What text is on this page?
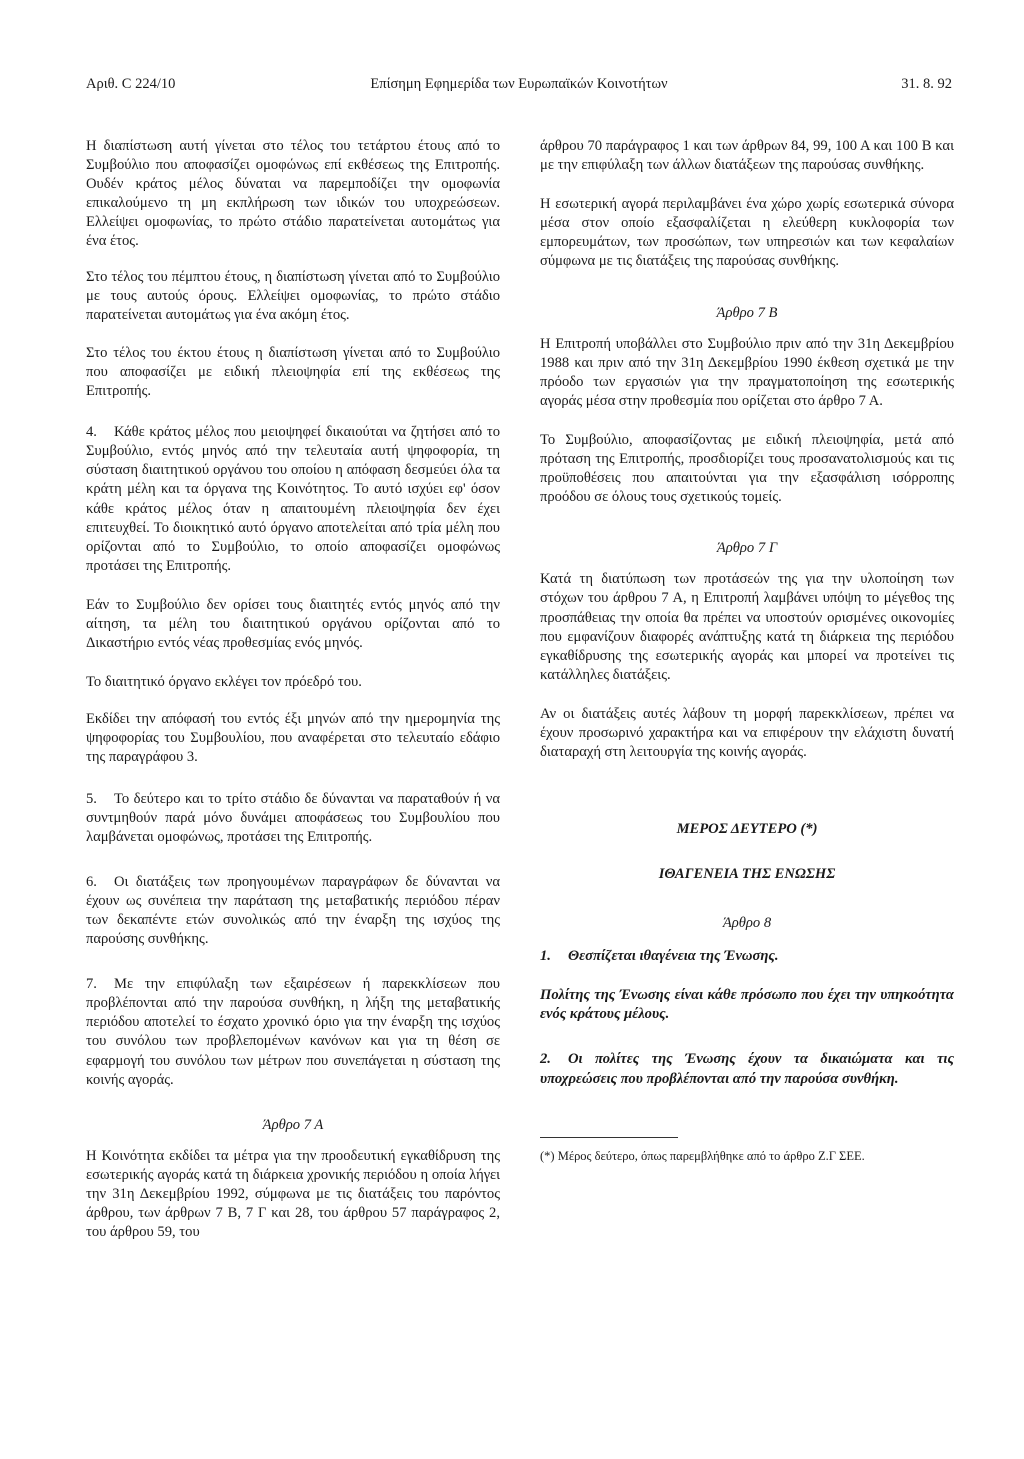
Αριθ. C 224/10	Επίσημη Εφημερίδα των Ευρωπαϊκών Κοινοτήτων	31. 8. 92

Η διαπίστωση αυτή γίνεται στο τέλος του τετάρτου έτους από το Συμβούλιο που αποφασίζει ομοφώνως επί εκθέσεως της Επιτροπής. Ουδέν κράτος μέλος δύναται να παρεμποδίζει την ομοφωνία επικαλούμενο τη μη εκπλήρωση των ιδικών του υποχρεώσεων. Ελλείψει ομοφωνίας, το πρώτο στάδιο παρατείνεται αυτομάτως για ένα έτος.

Στο τέλος του πέμπτου έτους, η διαπίστωση γίνεται από το Συμβούλιο με τους αυτούς όρους. Ελλείψει ομοφωνίας, το πρώτο στάδιο παρατείνεται αυτομάτως για ένα ακόμη έτος.

Στο τέλος του έκτου έτους η διαπίστωση γίνεται από το Συμβούλιο που αποφασίζει με ειδική πλειοψηφία επί της εκθέσεως της Επιτροπής.

4. Κάθε κράτος μέλος που μειοψηφεί δικαιούται να ζητήσει από το Συμβούλιο, εντός μηνός από την τελευταία αυτή ψηφοφορία, τη σύσταση διαιτητικού οργάνου του οποίου η απόφαση δεσμεύει όλα τα κράτη μέλη και τα όργανα της Κοινότητος. Το αυτό ισχύει εφ' όσον κάθε κράτος μέλος όταν η απαιτουμένη πλειοψηφία δεν έχει επιτευχθεί. Το διοικητικό αυτό όργανο αποτελείται από τρία μέλη που ορίζονται από το Συμβούλιο, το οποίο αποφασίζει ομοφώνως προτάσει της Επιτροπής.

Εάν το Συμβούλιο δεν ορίσει τους διαιτητές εντός μηνός από την αίτηση, τα μέλη του διαιτητικού οργάνου ορίζονται από το Δικαστήριο εντός νέας προθεσμίας ενός μηνός.

Το διαιτητικό όργανο εκλέγει τον πρόεδρό του.

Εκδίδει την απόφασή του εντός έξι μηνών από την ημερομηνία της ψηφοφορίας του Συμβουλίου, που αναφέρεται στο τελευταίο εδάφιο της παραγράφου 3.

5. Το δεύτερο και το τρίτο στάδιο δε δύνανται να παραταθούν ή να συντμηθούν παρά μόνο δυνάμει αποφάσεως του Συμβουλίου που λαμβάνεται ομοφώνως, προτάσει της Επιτροπής.

6. Οι διατάξεις των προηγουμένων παραγράφων δε δύνανται να έχουν ως συνέπεια την παράταση της μεταβατικής περιόδου πέραν των δεκαπέντε ετών συνολικώς από την έναρξη της ισχύος της παρούσης συνθήκης.

7. Με την επιφύλαξη των εξαιρέσεων ή παρεκκλίσεων που προβλέπονται από την παρούσα συνθήκη, η λήξη της μεταβατικής περιόδου αποτελεί το έσχατο χρονικό όριο για την έναρξη της ισχύος του συνόλου των προβλεπομένων κανόνων και για τη θέση σε εφαρμογή του συνόλου των μέτρων που συνεπάγεται η σύσταση της κοινής αγοράς.

Άρθρο 7 Α

Η Κοινότητα εκδίδει τα μέτρα για την προοδευτική εγκαθίδρυση της εσωτερικής αγοράς κατά τη διάρκεια χρονικής περιόδου η οποία λήγει την 31η Δεκεμβρίου 1992, σύμφωνα με τις διατάξεις του παρόντος άρθρου, των άρθρων 7 Β, 7 Γ και 28, του άρθρου 57 παράγραφος 2, του άρθρου 59, του

άρθρου 70 παράγραφος 1 και των άρθρων 84, 99, 100 Α και 100 Β και με την επιφύλαξη των άλλων διατάξεων της παρούσας συνθήκης.

Η εσωτερική αγορά περιλαμβάνει ένα χώρο χωρίς εσωτερικά σύνορα μέσα στον οποίο εξασφαλίζεται η ελεύθερη κυκλοφορία των εμπορευμάτων, των προσώπων, των υπηρεσιών και των κεφαλαίων σύμφωνα με τις διατάξεις της παρούσας συνθήκης.

Άρθρο 7 Β

Η Επιτροπή υποβάλλει στο Συμβούλιο πριν από την 31η Δεκεμβρίου 1988 και πριν από την 31η Δεκεμβρίου 1990 έκθεση σχετικά με την πρόοδο των εργασιών για την πραγματοποίηση της εσωτερικής αγοράς μέσα στην προθεσμία που ορίζεται στο άρθρο 7 Α.

Το Συμβούλιο, αποφασίζοντας με ειδική πλειοψηφία, μετά από πρόταση της Επιτροπής, προσδιορίζει τους προσανατολισμούς και τις προϋποθέσεις που απαιτούνται για την εξασφάλιση ισόρροπης προόδου σε όλους τους σχετικούς τομείς.

Άρθρο 7 Γ

Κατά τη διατύπωση των προτάσεών της για την υλοποίηση των στόχων του άρθρου 7 Α, η Επιτροπή λαμβάνει υπόψη το μέγεθος της προσπάθειας την οποία θα πρέπει να υποστούν ορισμένες οικονομίες που εμφανίζουν διαφορές ανάπτυξης κατά τη διάρκεια της περιόδου εγκαθίδρυσης της εσωτερικής αγοράς και μπορεί να προτείνει τις κατάλληλες διατάξεις.

Αν οι διατάξεις αυτές λάβουν τη μορφή παρεκκλίσεων, πρέπει να έχουν προσωρινό χαρακτήρα και να επιφέρουν την ελάχιστη δυνατή διαταραχή στη λειτουργία της κοινής αγοράς.

ΜΕΡΟΣ ΔΕΥΤΕΡΟ (*)
ΙΘΑΓΕΝΕΙΑ ΤΗΣ ΕΝΩΣΗΣ
Άρθρο 8

1. Θεσπίζεται ιθαγένεια της Ένωσης.

Πολίτης της Ένωσης είναι κάθε πρόσωπο που έχει την υπηκοότητα ενός κράτους μέλους.

2. Οι πολίτες της Ένωσης έχουν τα δικαιώματα και τις υποχρεώσεις που προβλέπονται από την παρούσα συνθήκη.

(*) Μέρος δεύτερο, όπως παρεμβλήθηκε από το άρθρο Ζ.Γ ΣΕΕ.
